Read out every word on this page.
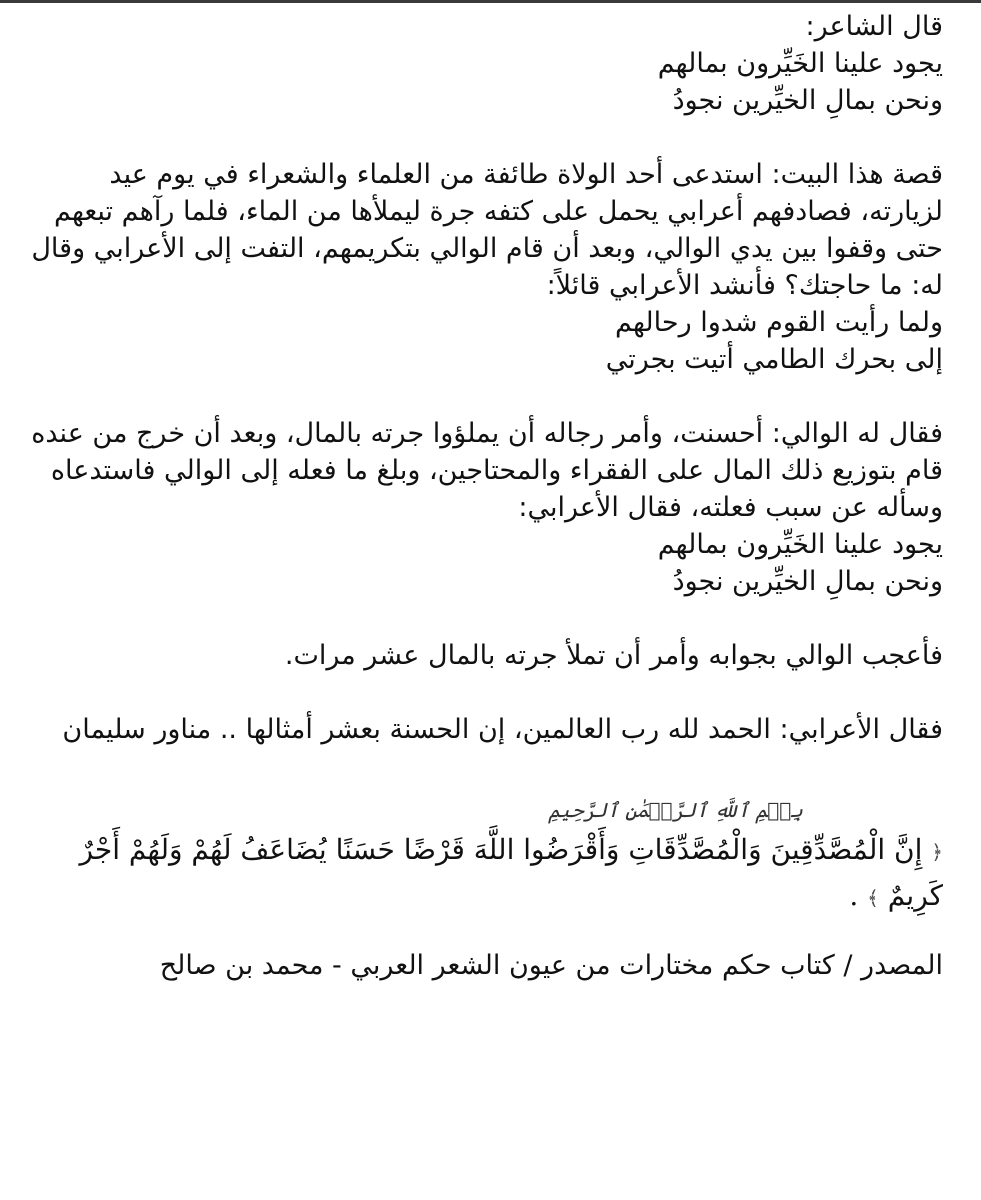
قال الشاعر:
يجود علينا الخَيِّرون بمالهم
ونحن بمالِ الخيِّرين نجودُ
قصة هذا البيت: استدعى أحد الولاة طائفة من العلماء والشعراء في يوم عيد
لزيارته، فصادفهم أعرابي يحمل على كتفه جرة ليملأها من الماء، فلما رآهم تبعهم
حتى وقفوا بين يدي الوالي، وبعد أن قام الوالي بتكريمهم، التفت إلى الأعرابي وقال
له: ما حاجتك؟ فأنشد الأعرابي قائلاً:
ولما رأيت القوم شدوا رحالهم
إلى بحرك الطامي أتيت بجرتي
فقال له الوالي: أحسنت، وأمر رجاله أن يملؤوا جرته بالمال، وبعد أن خرج من عنده
قام بتوزيع ذلك المال على الفقراء والمحتاجين، وبلغ ما فعله إلى الوالي فاستدعاه
وسأله عن سبب فعلته، فقال الأعرابي:
يجود علينا الخَيِّرون بمالهم
ونحن بمالِ الخيِّرين نجودُ
فأعجب الوالي بجوابه وأمر أن تملأ جرته بالمال عشر مرات.
فقال الأعرابي: الحمد لله رب العالمين، إن الحسنة بعشر أمثالها .. مناور سليمان
بِسۡمِ ٱللَّهِ ٱلرَّحۡمَٰنِ ٱلرَّحِيمِ
﴿ إِنَّ الْمُصَّدِّقِينَ وَالْمُصَّدِّقَاتِ وَأَقْرَضُوا اللَّهَ قَرْضًا حَسَنًا يُضَاعَفُ لَهُمْ وَلَهُمْ أَجْرٌ
كَرِيمٌ ﴾ .
المصدر / كتاب حكم مختارات من عيون الشعر العربي - محمد بن صالح
